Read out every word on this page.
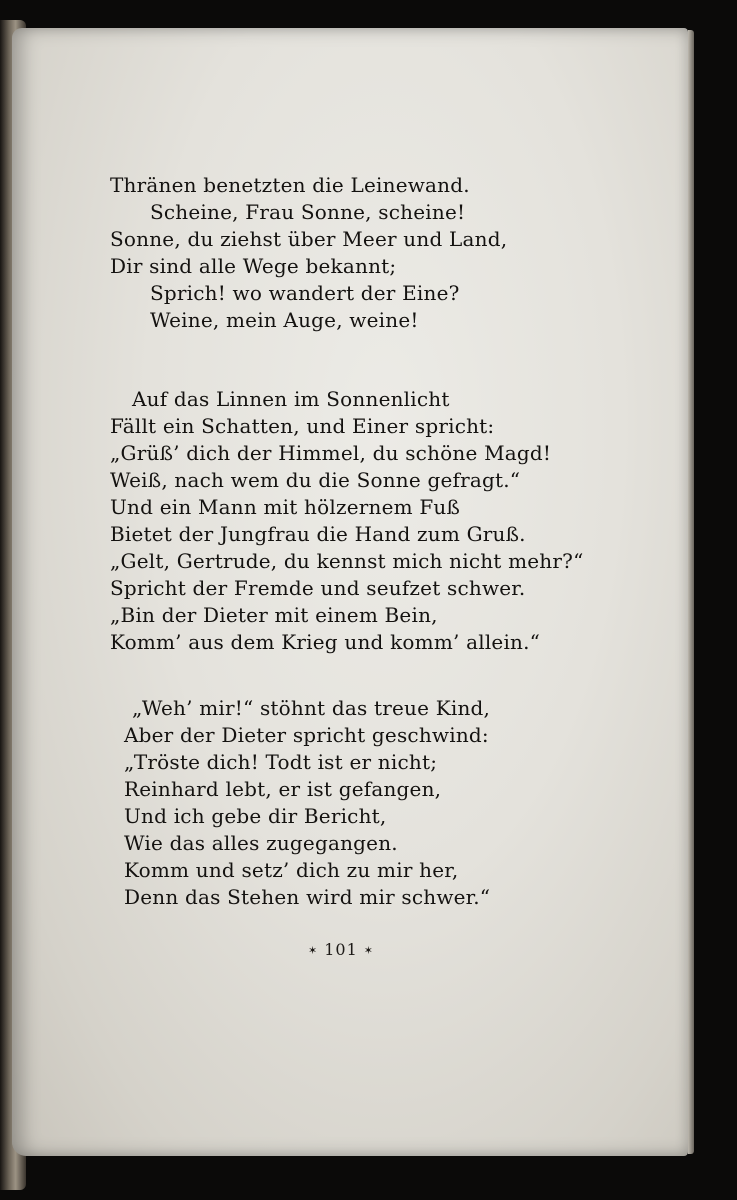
Thränen benetzten die Leinewand.
Scheine, Frau Sonne, scheine!
Sonne, du ziehst über Meer und Land,
Dir sind alle Wege bekannt;
Sprich! wo wandert der Eine?
Weine, mein Auge, weine!
Auf das Linnen im Sonnenlicht
Fällt ein Schatten, und Einer spricht:
„Grüß’ dich der Himmel, du schöne Magd!
Weiß, nach wem du die Sonne gefragt.“
Und ein Mann mit hölzernem Fuß
Bietet der Jungfrau die Hand zum Gruß.
„Gelt, Gertrude, du kennst mich nicht mehr?“
Spricht der Fremde und seufzet schwer.
„Bin der Dieter mit einem Bein,
Komm’ aus dem Krieg und komm’ allein.“
„Weh’ mir!“ stöhnt das treue Kind,
Aber der Dieter spricht geschwind:
„Tröste dich! Todt ist er nicht;
Reinhard lebt, er ist gefangen,
Und ich gebe dir Bericht,
Wie das alles zugegangen.
Komm und setz’ dich zu mir her,
Denn das Stehen wird mir schwer.“
✶ 101 ✶
